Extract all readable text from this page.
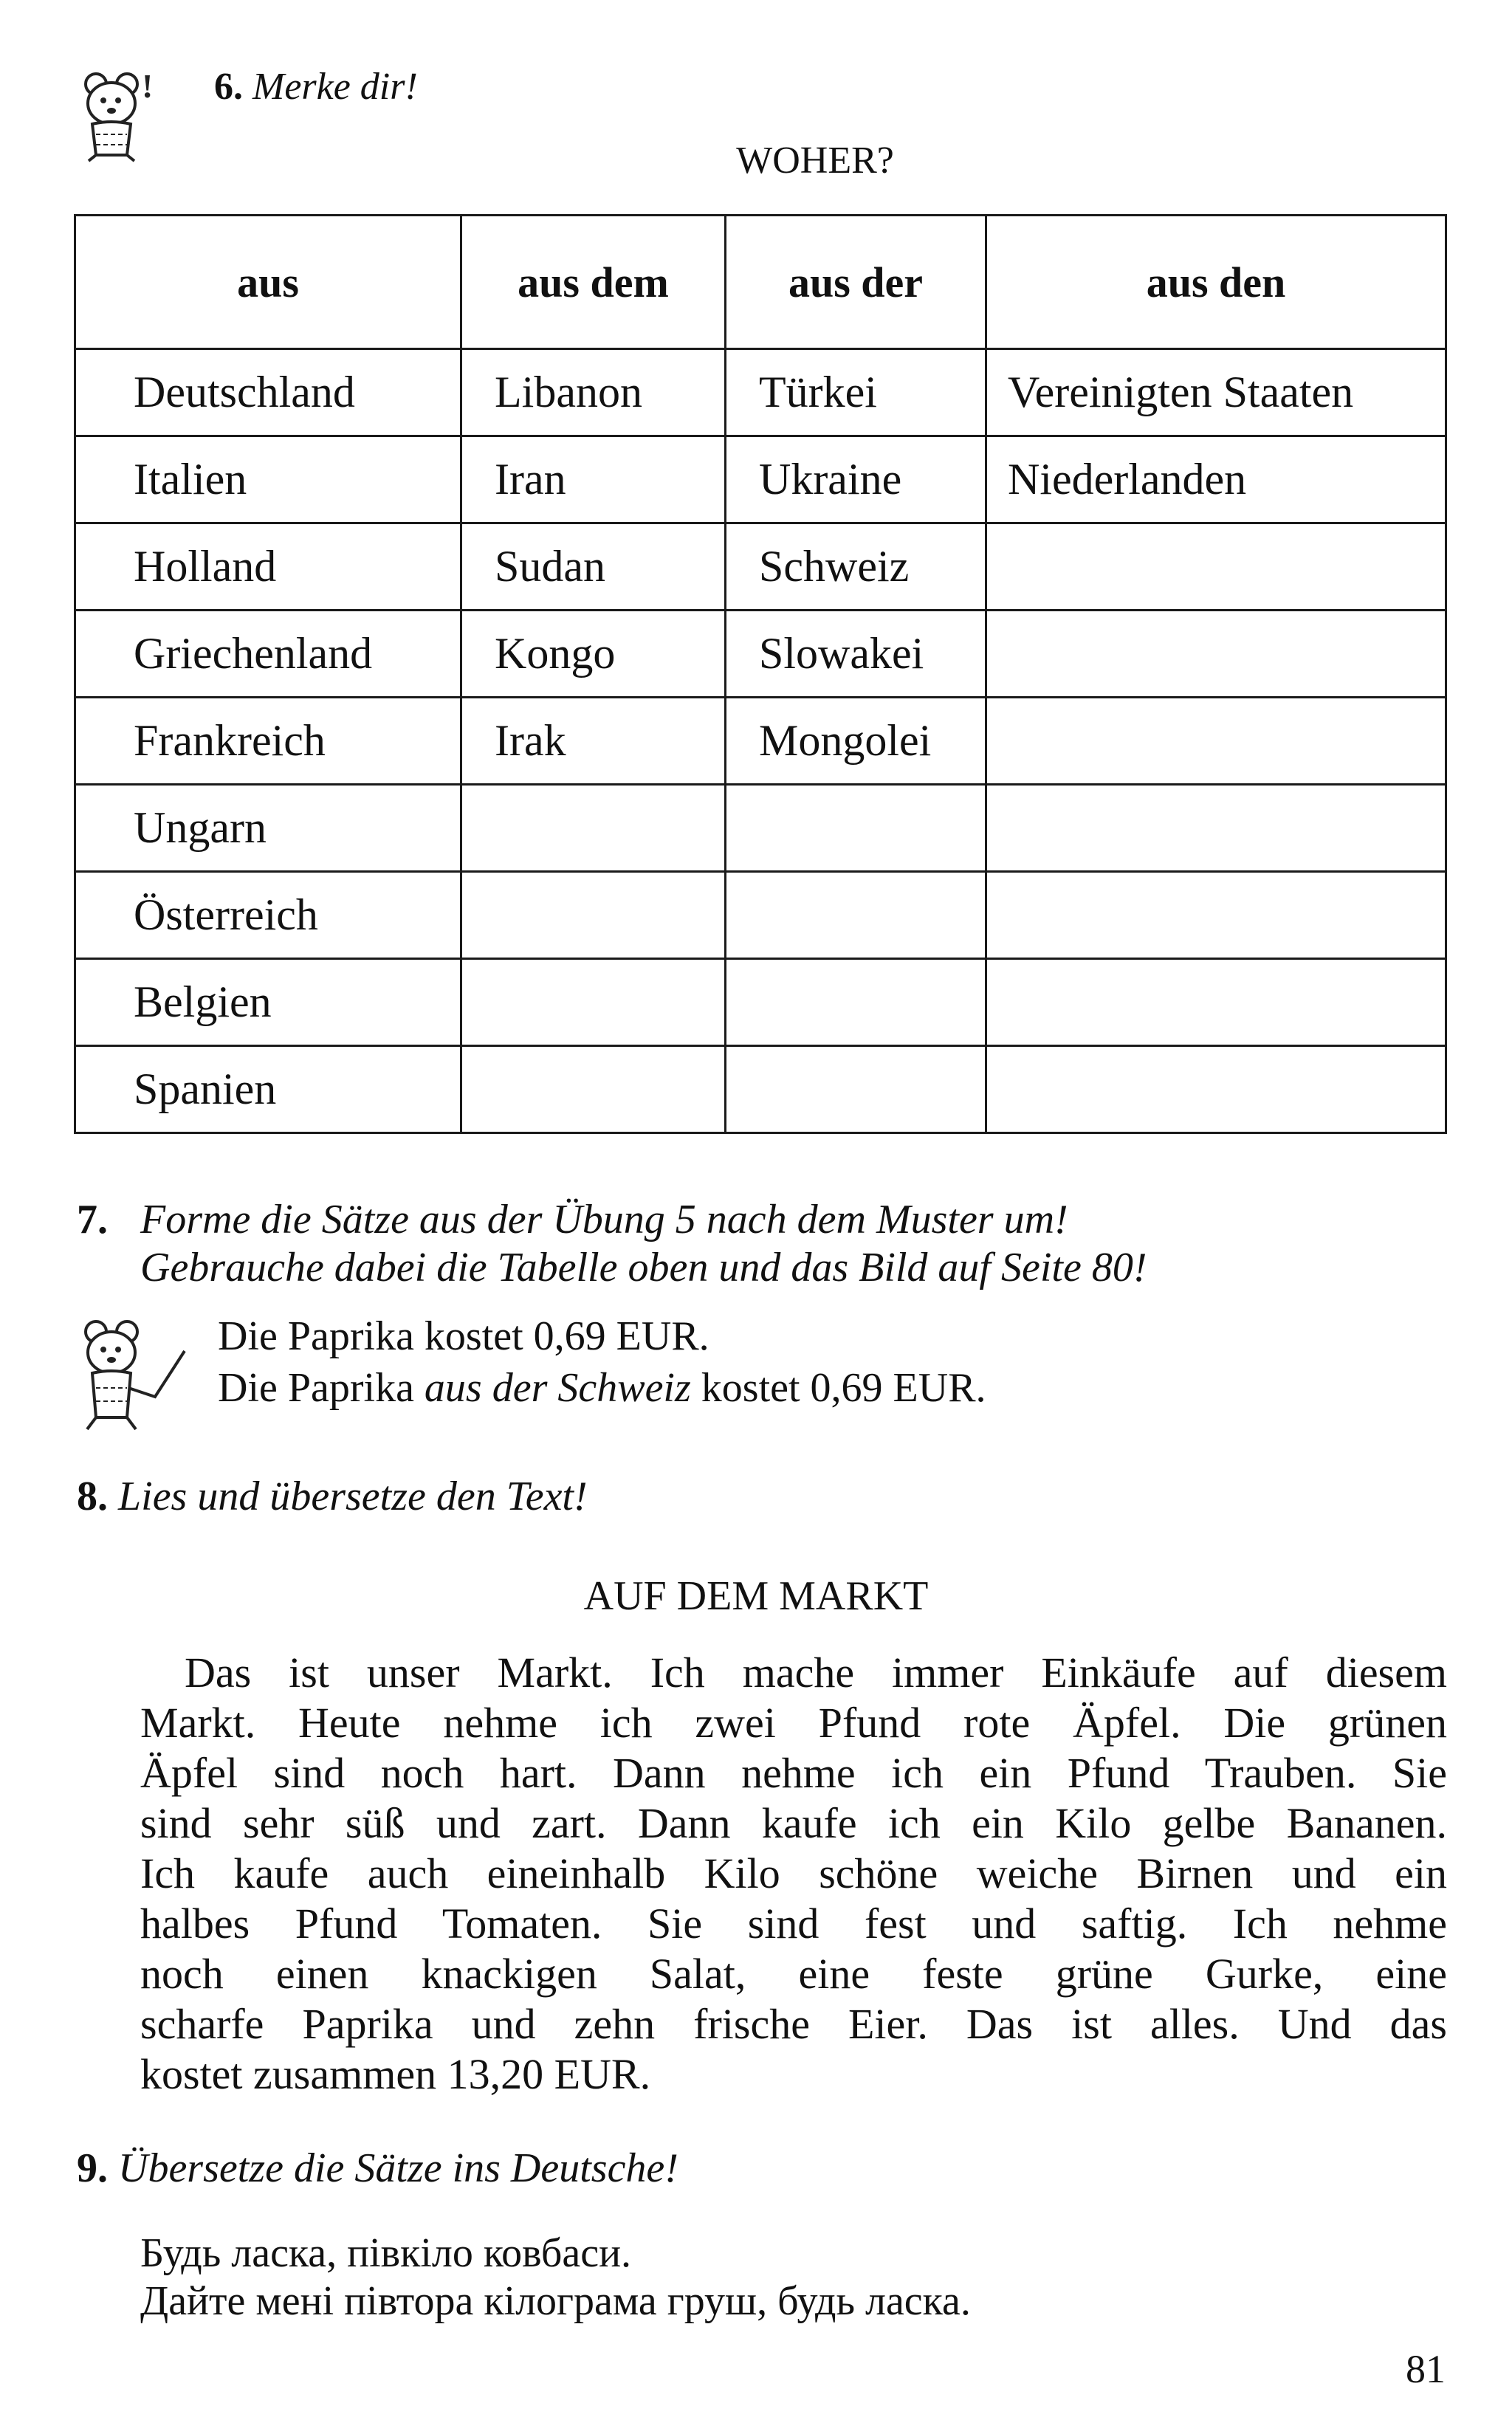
! 6. Merke dir!
WOHER?
aus	aus dem	aus der	aus den
Deutschland	Libanon	Türkei	Vereinigten Staaten
Italien	Iran	Ukraine	Niederlanden
Holland	Sudan	Schweiz	
Griechenland	Kongo	Slowakei	
Frankreich	Irak	Mongolei	
Ungarn			
Österreich			
Belgien			
Spanien			
7. Forme die Sätze aus der Übung 5 nach dem Muster um!
Gebrauche dabei die Tabelle oben und das Bild auf Seite 80!
Die Paprika kostet 0,69 EUR.
Die Paprika aus der Schweiz kostet 0,69 EUR.
8. Lies und übersetze den Text!
AUF DEM MARKT
Das ist unser Markt. Ich mache immer Einkäufe auf diesem
Markt. Heute nehme ich zwei Pfund rote Äpfel. Die grünen
Äpfel sind noch hart. Dann nehme ich ein Pfund Trauben. Sie
sind sehr süß und zart. Dann kaufe ich ein Kilo gelbe Bananen.
Ich kaufe auch eineinhalb Kilo schöne weiche Birnen und ein
halbes Pfund Tomaten. Sie sind fest und saftig. Ich nehme
noch einen knackigen Salat, eine feste grüne Gurke, eine
scharfe Paprika und zehn frische Eier. Das ist alles. Und das
kostet zusammen 13,20 EUR.
9. Übersetze die Sätze ins Deutsche!
Будь ласка, півкіло ковбаси.
Дайте мені півтора кілограма груш, будь ласка.
81
